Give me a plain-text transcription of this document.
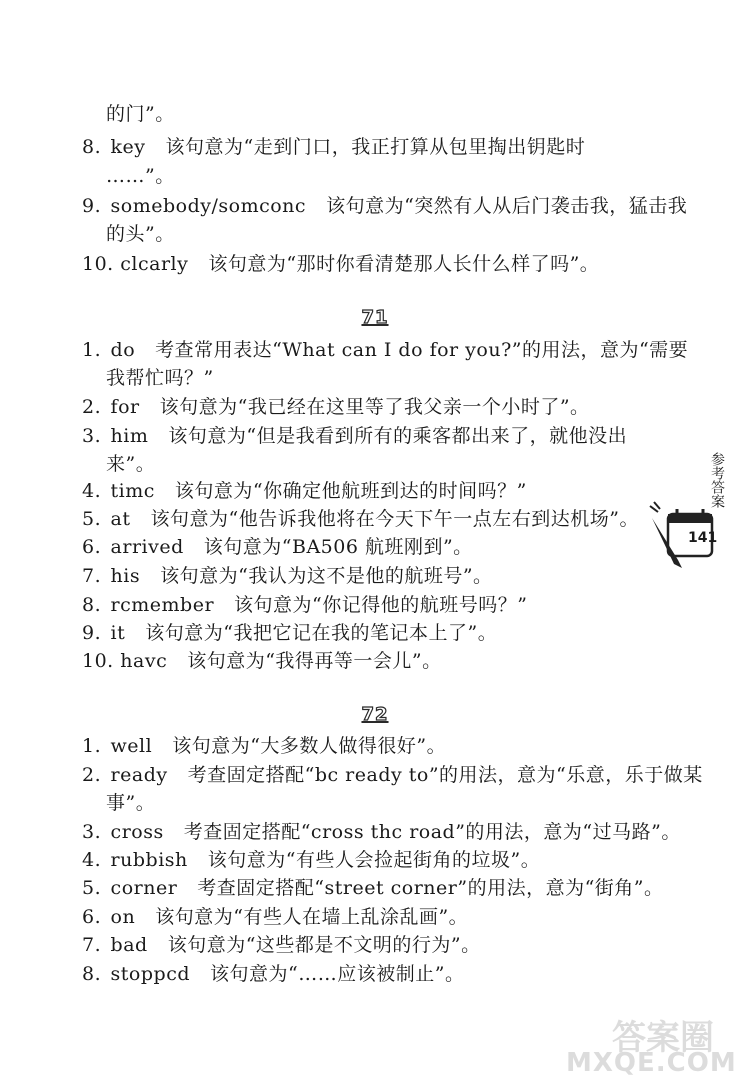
的门”。
8. key 该句意为“走到门口，我正打算从包里掏出钥匙时
……”。
9. somebody/somconc 该句意为“突然有人从后门袭击我，猛击我
的头”。
10. clcarly 该句意为“那时你看清楚那人长什么样了吗”。
71
1. do 考查常用表达“What can I do for you?”的用法，意为“需要
我帮忙吗？”
2. for 该句意为“我已经在这里等了我父亲一个小时了”。
3. him 该句意为“但是我看到所有的乘客都出来了，就他没出
来”。
4. timc 该句意为“你确定他航班到达的时间吗？”
5. at 该句意为“他告诉我他将在今天下午一点左右到达机场”。
6. arrived 该句意为“BA506 航班刚到”。
7. his 该句意为“我认为这不是他的航班号”。
8. rcmember 该句意为“你记得他的航班号吗？”
9. it 该句意为“我把它记在我的笔记本上了”。
10. havc 该句意为“我得再等一会儿”。
72
1. well 该句意为“大多数人做得很好”。
2. ready 考查固定搭配“bc ready to”的用法，意为“乐意，乐于做某
事”。
3. cross 考查固定搭配“cross thc road”的用法，意为“过马路”。
4. rubbish 该句意为“有些人会捡起街角的垃圾”。
5. corner 考查固定搭配“street corner”的用法，意为“街角”。
6. on 该句意为“有些人在墙上乱涂乱画”。
7. bad 该句意为“这些都是不文明的行为”。
8. stoppcd 该句意为“……应该被制止”。
参考答案
141
答案圈
MXQE.COM
